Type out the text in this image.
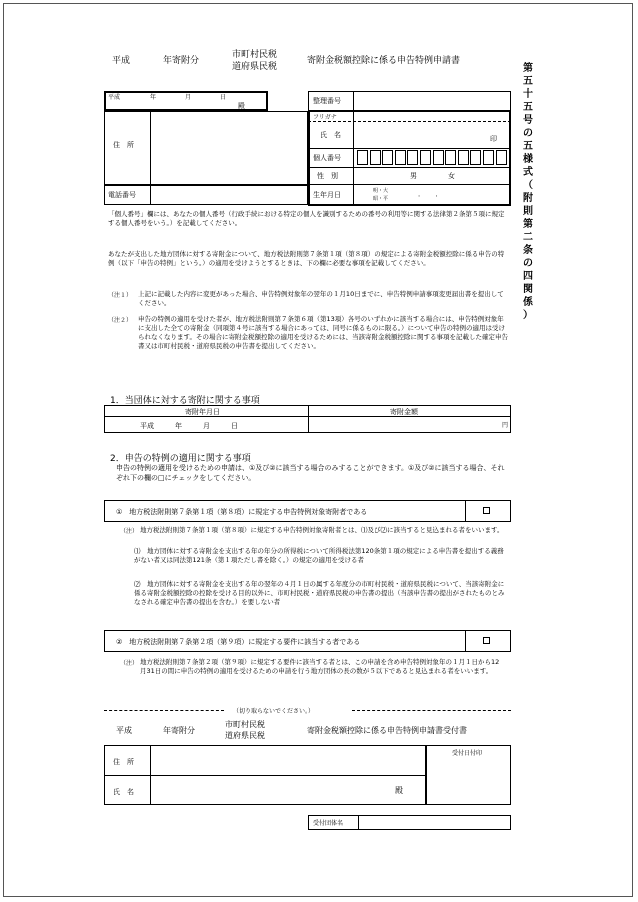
平成	年寄附分
市町村民税
道府県民税
寄附金税額控除に係る申告特例申請書
第
五
十
五
号
の
五
様
式
（
附
則
第
二
条
の
四
関
係
）
平成	年	月	日
殿
住　所
電話番号
整理番号
フリガナ
氏　名	印
個人番号
性　別	男	女
生年月日	明・大
昭・平
．　　．
「個人番号」欄には、あなたの個人番号（行政手続における特定の個人を識別するための番号の利用等に関する法律第２条第５項に規定する個人番号をいう。）を記載してください。
あなたが支出した地方団体に対する寄附金について、地方税法附則第７条第１項（第８項）の規定による寄附金税額控除に係る申告の特例（以下「申告の特例」という。）の適用を受けようとするときは、下の欄に必要な事項を記載してください。
（注１） 上記に記載した内容に変更があった場合、申告特例対象年の翌年の１月10日までに、申告特例申請事項変更届出書を提出してください。
（注２） 申告の特例の適用を受けた者が、地方税法附則第７条第６項（第13項）各号のいずれかに該当する場合には、申告特例対象年に支出した全ての寄附金（同項第４号に該当する場合にあっては、同号に係るものに限る。）について申告の特例の適用は受けられなくなります。その場合に寄附金税額控除の適用を受けるためには、当該寄附金税額控除に関する事項を記載した確定申告書又は市町村民税・道府県民税の申告書を提出してください。
1．当団体に対する寄附に関する事項
寄附年月日	寄附金額
平成　　　年　　　月　　　日	円
2．申告の特例の適用に関する事項
申告の特例の適用を受けるための申請は、①及び②に該当する場合のみすることができます。①及び②に該当する場合、それぞれ下の欄の□にチェックをしてください。
①　地方税法附則第７条第１項（第８項）に規定する申告特例対象寄附者である
（注） 地方税法附則第７条第１項（第８項）に規定する申告特例対象寄附者とは、⑴及び⑵に該当すると見込まれる者をいいます。
⑴　地方団体に対する寄附金を支出する年の年分の所得税について所得税法第120条第１項の規定による申告書を提出する義務がない者又は同法第121条（第１項ただし書を除く。）の規定の適用を受ける者
⑵　地方団体に対する寄附金を支出する年の翌年の４月１日の属する年度分の市町村民税・道府県民税について、当該寄附金に係る寄附金税額控除の控除を受ける目的以外に、市町村民税・道府県民税の申告書の提出（当該申告書の提出がされたものとみなされる確定申告書の提出を含む。）を要しない者
②　地方税法附則第７条第２項（第９項）に規定する要件に該当する者である
（注） 地方税法附則第７条第２項（第９項）に規定する要件に該当する者とは、この申請を含め申告特例対象年の１月１日から12月31日の間に申告の特例の適用を受けるための申請を行う地方団体の長の数が５以下であると見込まれる者をいいます。
（切り取らないでください。）
平成	年寄附分
市町村民税
道府県民税
寄附金税額控除に係る申告特例申請書受付書
住　所
氏　名	殿
受付日付印
受付団体名
